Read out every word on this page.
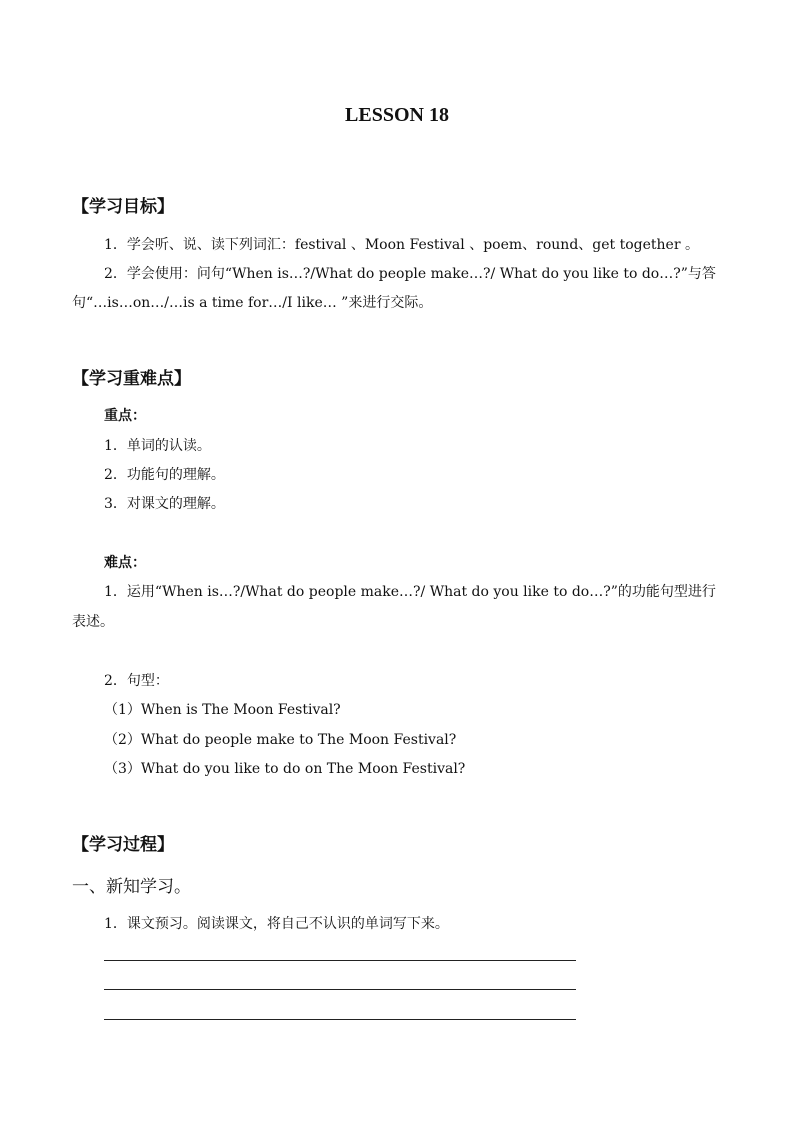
LESSON 18
【学习目标】
1．学会听、说、读下列词汇：festival 、Moon Festival 、poem、round、get together 。
2．学会使用：问句“When is…?/What do people make…?/ What do you like to do…?”与答
句“…is…on…/…is a time for…/I like… ”来进行交际。
【学习重难点】
重点：
1．单词的认读。
2．功能句的理解。
3．对课文的理解。
难点：
1．运用“When is…?/What do people make…?/ What do you like to do…?”的功能句型进行
表述。
2．句型：
（1）When is The Moon Festival?
（2）What do people make to The Moon Festival?
（3）What do you like to do on The Moon Festival?
【学习过程】
一、新知学习。
1．课文预习。阅读课文，将自己不认识的单词写下来。
